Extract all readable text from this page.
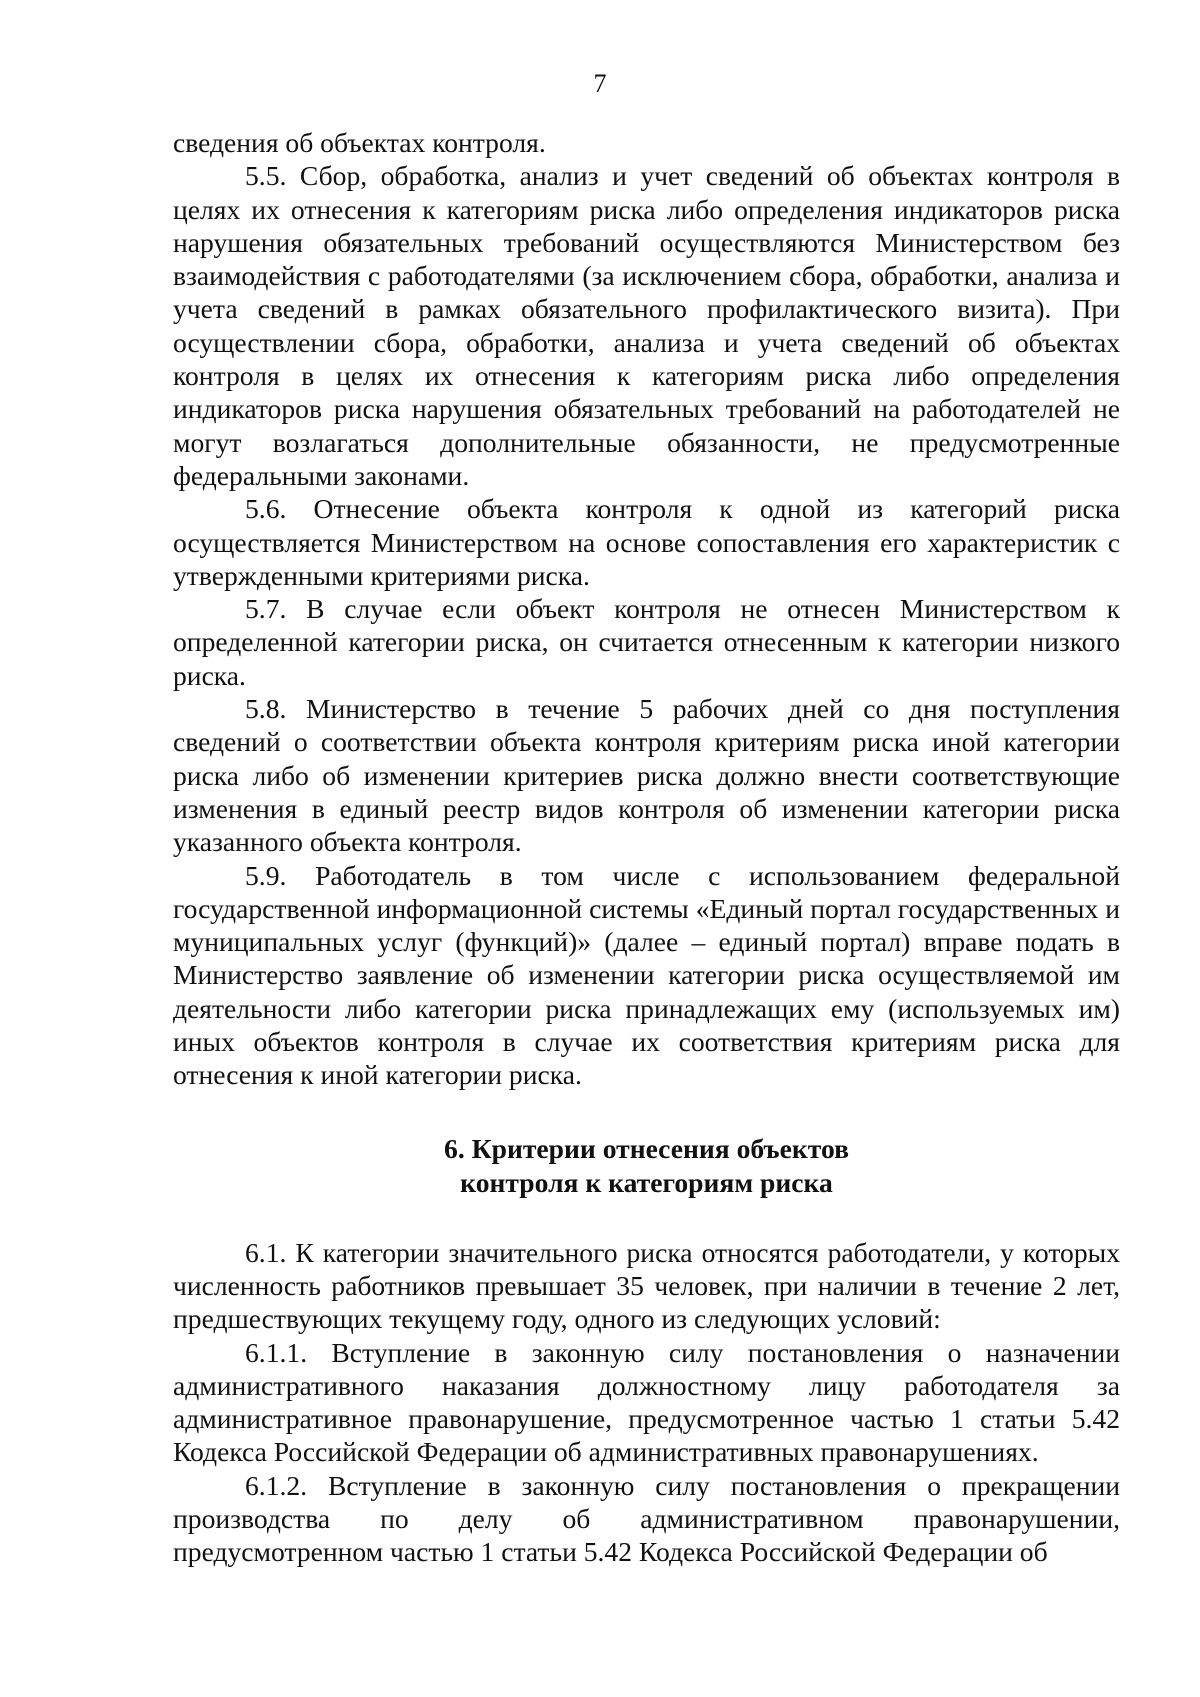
7

сведения об объектах контроля.

5.5. Сбор, обработка, анализ и учет сведений об объектах контроля в целях их отнесения к категориям риска либо определения индикаторов риска нарушения обязательных требований осуществляются Министерством без взаимодействия с работодателями (за исключением сбора, обработки, анализа и учета сведений в рамках обязательного профилактического визита). При осуществлении сбора, обработки, анализа и учета сведений об объектах контроля в целях их отнесения к категориям риска либо определения индикаторов риска нарушения обязательных требований на работодателей не могут возлагаться дополнительные обязанности, не предусмотренные федеральными законами.

5.6. Отнесение объекта контроля к одной из категорий риска осуществляется Министерством на основе сопоставления его характеристик с утвержденными критериями риска.

5.7. В случае если объект контроля не отнесен Министерством к определенной категории риска, он считается отнесенным к категории низкого риска.

5.8. Министерство в течение 5 рабочих дней со дня поступления сведений о соответствии объекта контроля критериям риска иной категории риска либо об изменении критериев риска должно внести соответствующие изменения в единый реестр видов контроля об изменении категории риска указанного объекта контроля.

5.9. Работодатель в том числе с использованием федеральной государственной информационной системы «Единый портал государственных и муниципальных услуг (функций)» (далее – единый портал) вправе подать в Министерство заявление об изменении категории риска осуществляемой им деятельности либо категории риска принадлежащих ему (используемых им) иных объектов контроля в случае их соответствия критериям риска для отнесения к иной категории риска.

6. Критерии отнесения объектов
контроля к категориям риска

6.1. К категории значительного риска относятся работодатели, у которых численность работников превышает 35 человек, при наличии в течение 2 лет, предшествующих текущему году, одного из следующих условий:

6.1.1. Вступление в законную силу постановления о назначении административного наказания должностному лицу работодателя за административное правонарушение, предусмотренное частью 1 статьи 5.42 Кодекса Российской Федерации об административных правонарушениях.

6.1.2. Вступление в законную силу постановления о прекращении производства по делу об административном правонарушении, предусмотренном частью 1 статьи 5.42 Кодекса Российской Федерации об
